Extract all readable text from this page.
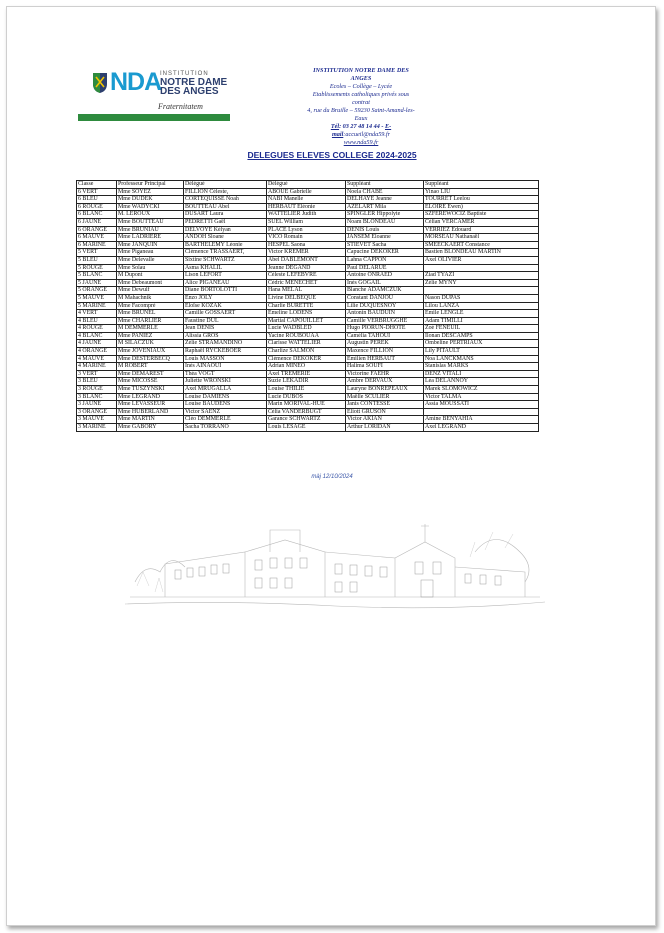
NDA
INSTITUTION
NOTRE DAME DES ANGES
Fraternitatem
INSTITUTION NOTRE DAME DES ANGES
Ecoles – Collège – Lycée
Etablissements catholiques privés sous contrat
4, rue du Bruille – 59230 Saint-Amand-les-Eaux
Tél: 03 27 48 14 44 - E-mail:accueil@nda59.fr
www.nda59.fr
DELEGUES ELEVES COLLEGE 2024-2025
Classe	Professeur Principal	Délégué	Délégué	Suppléant	Suppléant
6 VERT	Mme SOYEZ	FILLION Céleste,	ABOUE Gabrielle	Noela CHABE	Yinao LIU
6 BLEU	Mme DUDEK	CORTEQUISSE Noah	NABI Manelle	DELHAYE Jeanne	TOURRET Leelou
6 ROUGE	Mme WADYCKI	BOUTTEAU Abel	HERBAUT Eléonie	AZELART Mila	ELOIRE Ewen)
6 BLANC	M. LEROUX	DUSART Laura	WATTELIER Judith	SPINGLER Hippolyte	SZFEREWOCIZ Baptiste
6 JAUNE	Mme BOUTTEAU	PEDRETTI Gaël	SUEL William	Noam BLONDEAU	Célian VERCAMER
6 ORANGE	Mme BRUNIAU	DELVOYE Kélyan	PLACE Lyson	DENIS Louis	VERRIEZ Edouard
6 MAUVE	Mme LADRIERE	ANDOH Sloane	VICO Romain	JANSEM Eloanne	MORSEAU Nathanaël
6 MARINE	Mme JANQUIN	BARTHELEMY Léonie	HESPEL Saona	STIEVET Sacha	SMEECKAERT Constance
5 VERT	Mme Piganeau	Clémence TRASSAERT,	Victor KREMER	Capucine DEKOKER	Bastien BLONDEAU MARTIN
5 BLEU	Mme Delevalle	Sixtine SCHWARTZ	Abel DABLEMONT	Lahna CAPPON	Axel OLIVIER
5 ROUGE	Mme Solau	Asma KHALIL	Jeanne DEGAND	Paul DELARUE	
5 BLANC	M Dupont	Lison LEFORT	Céleste LEFEBVRE	Antoine ONRAED	Ziad TYAZI
5 JAUNE	Mme Debeaumont	Alice PIGANEAU	Cédric MENECHET	Inès GOGAIL	Zélie MYNY
5 ORANGE	Mme Dewulf	Diane BORTOLOTTI	Hana MELAL	Blanche ADAMCZUK	
5 MAUVE	M Mahachnik	Enzo JOLY	Livine DELBEQUE	Constant DANJOU	Nason DUPAS
5 MARINE	Mme Facompré	Eloïse KOZAK	Charlie BURETTE	Lilie DUQUESNOY	Lilou LANZA
4 VERT	Mme BRUNEL	Camille GOSSAERT	Emeline LODENS	Antonin BAUDUIN	Emile LENGLE
4 BLEU	Mme CHARLIER	Faustine DUL	Martial CAPOUILLET	Camille VERBRUGGHE	Adam TIMILLI
4 ROUGE	M DEMMERLE	Jean DENIS	Lucie WADBLED	Hugo PIORUN-DHOTE	Zoé FENEUIL
4 BLANC	Mme PANIEZ	Alissia GROS	Yacine ROUBOUAA	Camélia TAHOUI	Ilonan DESCAMPS
4 JAUNE	M SILACZUK	Zélie STRAMANDINO	Clarisse WATTELIER	Augustin PEREK	Ombeline PERTRIAUX
4 ORANGE	Mme JOVENIAUX	Raphaël RYCKEBOER	Charlize SALMON	Maxence FILLION	Lily PITAULT
4 MAUVE	Mme DESTERBECQ	Louis MASSON	Clémence DEKOKER	Emilien HERBAUT	Noa LANCKMANS
4 MARINE	M ROBERT	Inès AINAOUI	Adrian MINEO	Halima SOUFI	Stanislas MARKS
3 VERT	Mme DEMAREST	Théa VOGT	Axel TREMERIE	Victorine FAEHR	DENZ VITALI
3 BLEU	Mme MICOSSE	Juliette WRONSKI	Suzie LEKADIR	Ambre DERVAUX	Léa DELANNOY
3 ROUGE	Mme TUSZYNSKI	Axel MRUGALLA	Louise THILIE	Lauryne BONREPEAUX	Marek SLOMOWICZ
3 BLANC	Mme LEGRAND	Louise DAMIENS	Lucie DUBOS	Maëlle SCULIER	Victor TALMA
3 JAUNE	Mme LEVASSEUR	Louise BAUDENS	Marin MORIVAL-HUE	Janis CONTESSE	Assia MOUSSATI
3 ORANGE	Mme HUBERLAND	Victor SAENZ	Célia VANDERBUGT	Eliott GRUSON	
3 MAUVE	Mme MARTIN	Cléo DEMMERLE	Garance SCHWARTZ	Victor AKIAN	Amine BENYAHIA
3 MARINE	Mme GABORY	Sacha TORRANO	Louis LESAGE	Arthur LORIDAN	Axel LEGRAND
màj 12/10/2024
